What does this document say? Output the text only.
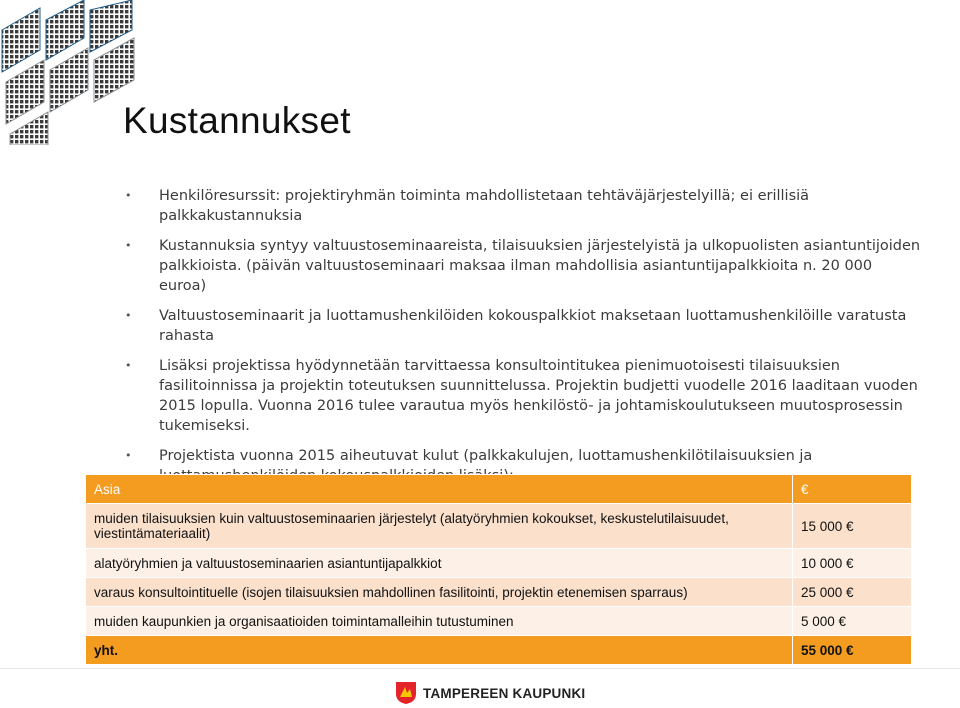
Kustannukset
• Henkilöresurssit: projektiryhmän toiminta mahdollistetaan tehtäväjärjestelyillä; ei erillisiä palkkakustannuksia
• Kustannuksia syntyy valtuustoseminaareista, tilaisuuksien järjestelyistä ja ulkopuolisten asiantuntijoiden palkkioista. (päivän valtuustoseminaari maksaa ilman mahdollisia asiantuntijapalkkioita n. 20 000 euroa)
• Valtuustoseminaarit ja luottamushenkilöiden kokouspalkkiot maksetaan luottamushenkilöille varatusta rahasta
• Lisäksi projektissa hyödynnetään tarvittaessa konsultointitukea pienimuotoisesti tilaisuuksien fasilitoinnissa ja projektin toteutuksen suunnittelussa. Projektin budjetti vuodelle 2016 laaditaan vuoden 2015 lopulla. Vuonna 2016 tulee varautua myös henkilöstö- ja johtamiskoulutukseen muutosprosessin tukemiseksi.
• Projektista vuonna 2015 aiheutuvat kulut (palkkakulujen, luottamushenkilötilaisuuksien ja
Asia	€
muiden tilaisuuksien kuin valtuustoseminaarien järjestelyt (alatyöryhmien kokoukset, keskustelutilaisuudet, viestintämateriaalit)	15 000 €
alatyöryhmien ja valtuustoseminaarien asiantuntijapalkkiot	10 000 €
varaus konsultointituelle (isojen tilaisuuksien mahdollinen fasilitointi, projektin etenemisen sparraus)	25 000 €
muiden kaupunkien ja organisaatioiden toimintamalleihin tutustuminen	5 000 €
yht.	55 000 €
TAMPEREEN KAUPUNKI
